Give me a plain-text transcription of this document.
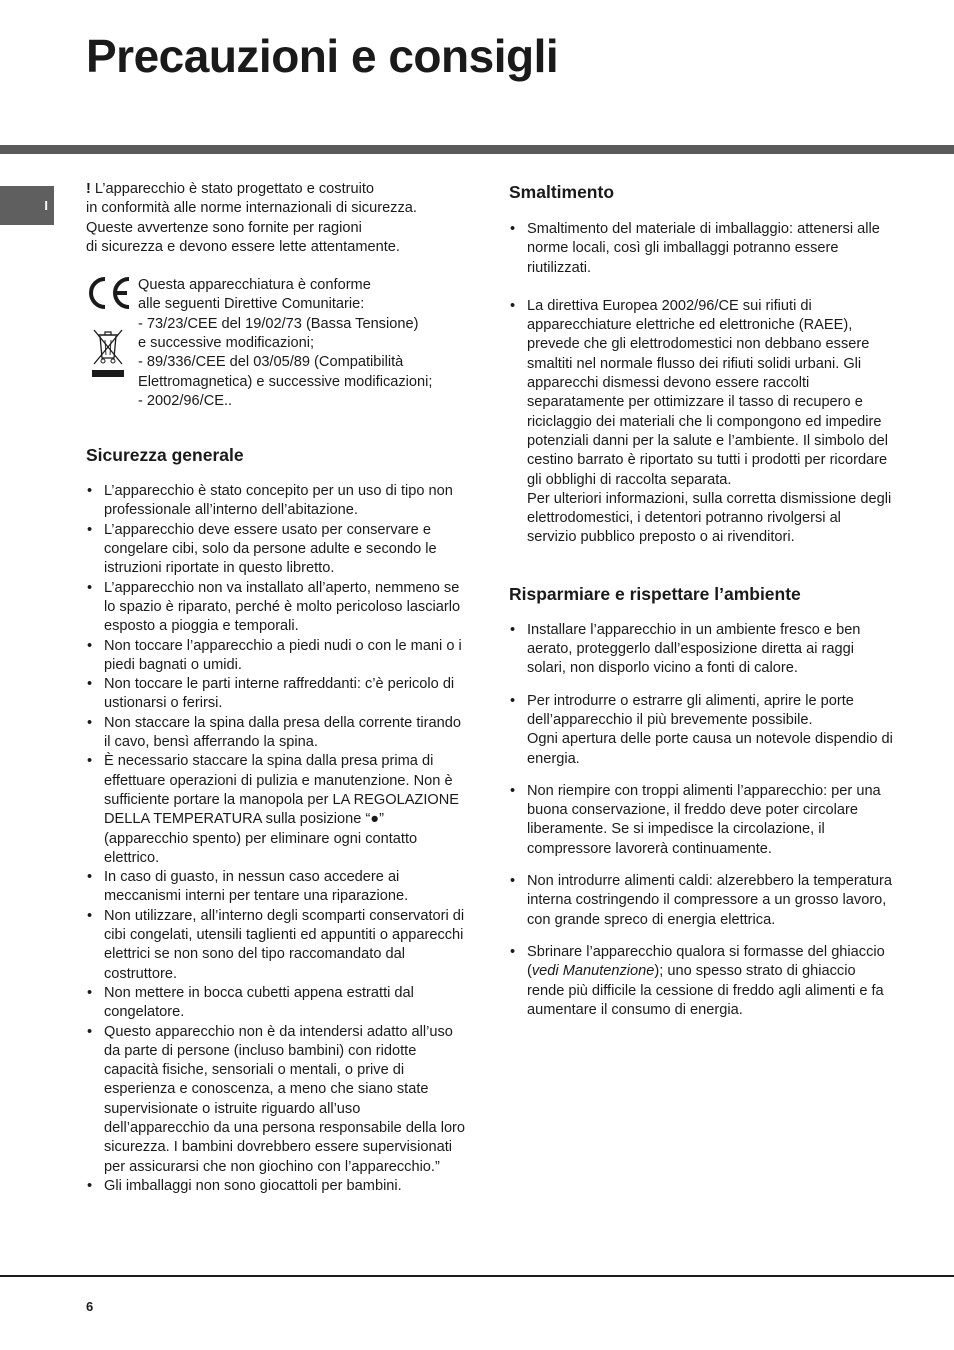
Precauzioni e consigli
I

! L’apparecchio è stato progettato e costruito
in conformità alle norme internazionali di sicurezza.
Queste avvertenze sono fornite per ragioni
di sicurezza e devono essere lette attentamente.

Questa apparecchiatura è conforme

alle seguenti Direttive Comunitarie:

- 73/23/CEE del 19/02/73 (Bassa Tensione)

e successive modificazioni;

- 89/336/CEE del 03/05/89 (Compatibilità

Elettromagnetica) e successive modificazioni;

- 2002/96/CE..

Sicurezza generale
• L’apparecchio è stato concepito per un uso di tipo non professionale all’interno dell’abitazione.
• L’apparecchio deve essere usato per conservare e congelare cibi, solo da persone adulte e secondo le istruzioni riportate in questo libretto.
• L’apparecchio non va installato all’aperto, nemmeno se lo spazio è riparato, perché è molto pericoloso lasciarlo esposto a pioggia e temporali.
• Non toccare l’apparecchio a piedi nudi o con le mani o i piedi bagnati o umidi.
• Non toccare le parti interne raffreddanti: c’è pericolo di ustionarsi o ferirsi.
• Non staccare la spina dalla presa della corrente tirando il cavo, bensì afferrando la spina.
• È necessario staccare la spina dalla presa prima di effettuare operazioni di pulizia e manutenzione. Non è sufficiente portare la manopola per LA REGOLAZIONE DELLA TEMPERATURA sulla posizione “●” (apparecchio spento) per eliminare ogni contatto elettrico.
• In caso di guasto, in nessun caso accedere ai meccanismi interni per tentare una riparazione.
• Non utilizzare, all’interno degli scomparti conservatori di cibi congelati, utensili taglienti ed appuntiti o apparecchi elettrici se non sono del tipo raccomandato dal costruttore.
• Non mettere in bocca cubetti appena estratti dal congelatore.
• Questo apparecchio non è da intendersi adatto all’uso da parte di persone (incluso bambini) con ridotte capacità fisiche, sensoriali o mentali, o prive di esperienza e conoscenza, a meno che siano state supervisionate o istruite riguardo all’uso dell’apparecchio da una persona responsabile della loro sicurezza. I bambini dovrebbero essere supervisionati per assicurarsi che non giochino con l’apparecchio.”
• Gli imballaggi non sono giocattoli per bambini.
Smaltimento
• Smaltimento del materiale di imballaggio: attenersi alle norme locali, così gli imballaggi potranno essere riutilizzati.
• La direttiva Europea 2002/96/CE sui rifiuti di apparecchiature elettriche ed elettroniche (RAEE), prevede che gli elettrodomestici non debbano essere smaltiti nel normale flusso dei rifiuti solidi urbani. Gli apparecchi dismessi devono essere raccolti separatamente per ottimizzare il tasso di recupero e riciclaggio dei materiali che li compongono ed impedire potenziali danni per la salute e l’ambiente. Il simbolo del cestino barrato è riportato su tutti i prodotti per ricordare gli obblighi di raccolta separata.
Per ulteriori informazioni, sulla corretta dismissione degli elettrodomestici, i detentori potranno rivolgersi al servizio pubblico preposto o ai rivenditori.
Risparmiare e rispettare l’ambiente
• Installare l’apparecchio in un ambiente fresco e ben aerato, proteggerlo dall’esposizione diretta ai raggi solari, non disporlo vicino a fonti di calore.
• Per introdurre o estrarre gli alimenti, aprire le porte dell’apparecchio il più brevemente possibile.
Ogni apertura delle porte causa un notevole dispendio di energia.
• Non riempire con troppi alimenti l’apparecchio: per una buona conservazione, il freddo deve poter circolare liberamente. Se si impedisce la circolazione, il compressore lavorerà continuamente.
• Non introdurre alimenti caldi: alzerebbero la temperatura interna costringendo il compressore a un grosso lavoro, con grande spreco di energia elettrica.
• Sbrinare l’apparecchio qualora si formasse del ghiaccio (vedi Manutenzione); uno spesso strato di ghiaccio rende più difficile la cessione di freddo agli alimenti e fa aumentare il consumo di energia.
6
